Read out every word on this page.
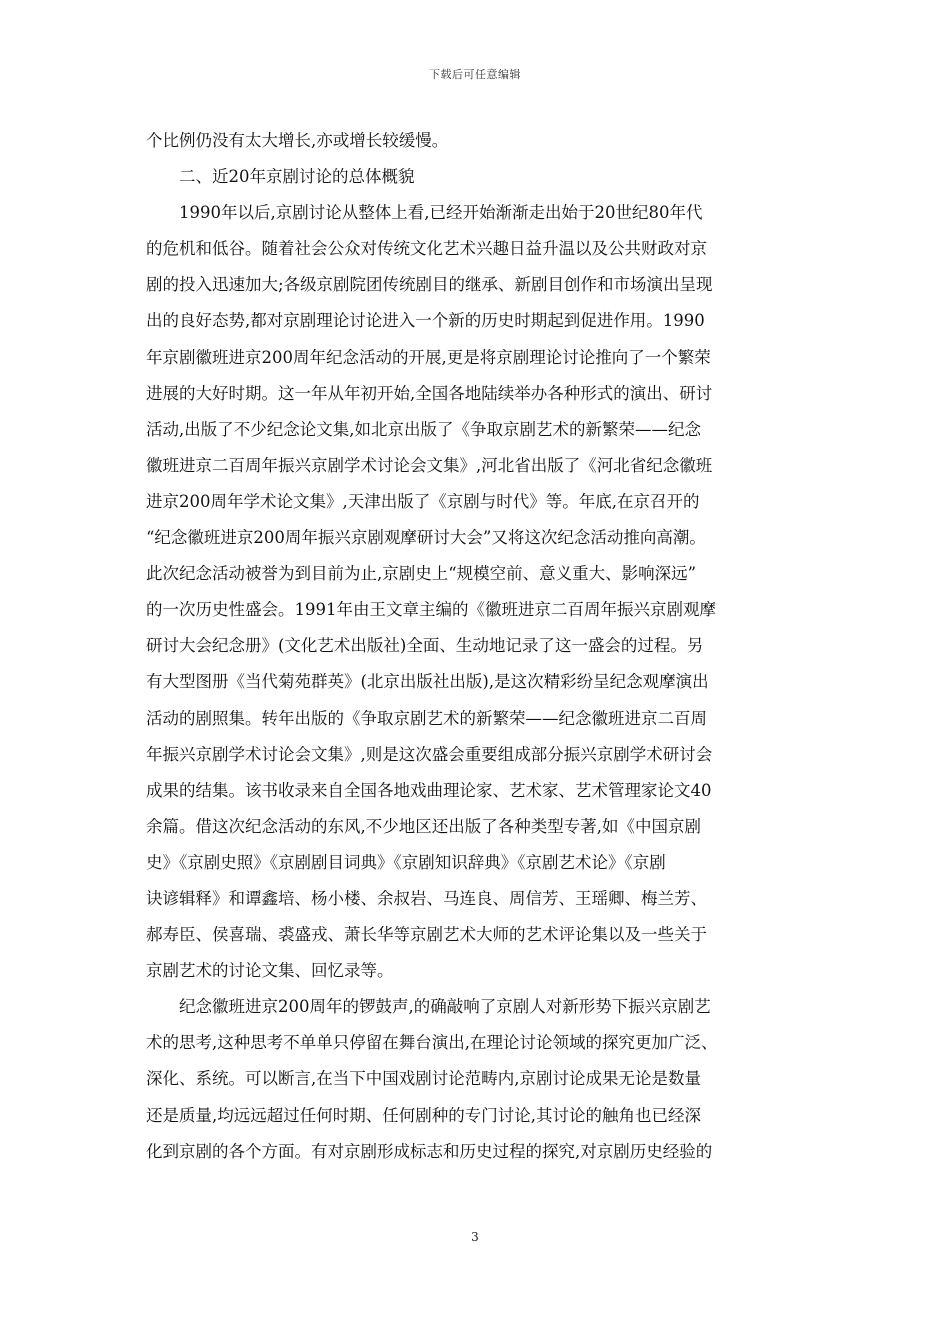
下载后可任意编辑
个比例仍没有太大增长,亦或增长较缓慢。
二、近20年京剧讨论的总体概貌
1990年以后,京剧讨论从整体上看,已经开始渐渐走出始于20世纪80年代
的危机和低谷。随着社会公众对传统文化艺术兴趣日益升温以及公共财政对京
剧的投入迅速加大;各级京剧院团传统剧目的继承、新剧目创作和市场演出呈现
出的良好态势,都对京剧理论讨论进入一个新的历史时期起到促进作用。1990
年京剧徽班进京200周年纪念活动的开展,更是将京剧理论讨论推向了一个繁荣
进展的大好时期。这一年从年初开始,全国各地陆续举办各种形式的演出、研讨
活动,出版了不少纪念论文集,如北京出版了《争取京剧艺术的新繁荣——纪念
徽班进京二百周年振兴京剧学术讨论会文集》,河北省出版了《河北省纪念徽班
进京200周年学术论文集》,天津出版了《京剧与时代》等。年底,在京召开的
“纪念徽班进京200周年振兴京剧观摩研讨大会”又将这次纪念活动推向高潮。
此次纪念活动被誉为到目前为止,京剧史上“规模空前、意义重大、影响深远”
的一次历史性盛会。1991年由王文章主编的《徽班进京二百周年振兴京剧观摩
研讨大会纪念册》(文化艺术出版社)全面、生动地记录了这一盛会的过程。另
有大型图册《当代菊苑群英》(北京出版社出版),是这次精彩纷呈纪念观摩演出
活动的剧照集。转年出版的《争取京剧艺术的新繁荣——纪念徽班进京二百周
年振兴京剧学术讨论会文集》,则是这次盛会重要组成部分振兴京剧学术研讨会
成果的结集。该书收录来自全国各地戏曲理论家、艺术家、艺术管理家论文40
余篇。借这次纪念活动的东风,不少地区还出版了各种类型专著,如《中国京剧
史》《京剧史照》《京剧剧目词典》《京剧知识辞典》《京剧艺术论》《京剧
诀谚辑释》和谭鑫培、杨小楼、余叔岩、马连良、周信芳、王瑶卿、梅兰芳、
郝寿臣、侯喜瑞、裘盛戎、萧长华等京剧艺术大师的艺术评论集以及一些关于
京剧艺术的讨论文集、回忆录等。
纪念徽班进京200周年的锣鼓声,的确敲响了京剧人对新形势下振兴京剧艺
术的思考,这种思考不单单只停留在舞台演出,在理论讨论领域的探究更加广泛、
深化、系统。可以断言,在当下中国戏剧讨论范畴内,京剧讨论成果无论是数量
还是质量,均远远超过任何时期、任何剧种的专门讨论,其讨论的触角也已经深
化到京剧的各个方面。有对京剧形成标志和历史过程的探究,对京剧历史经验的
3
